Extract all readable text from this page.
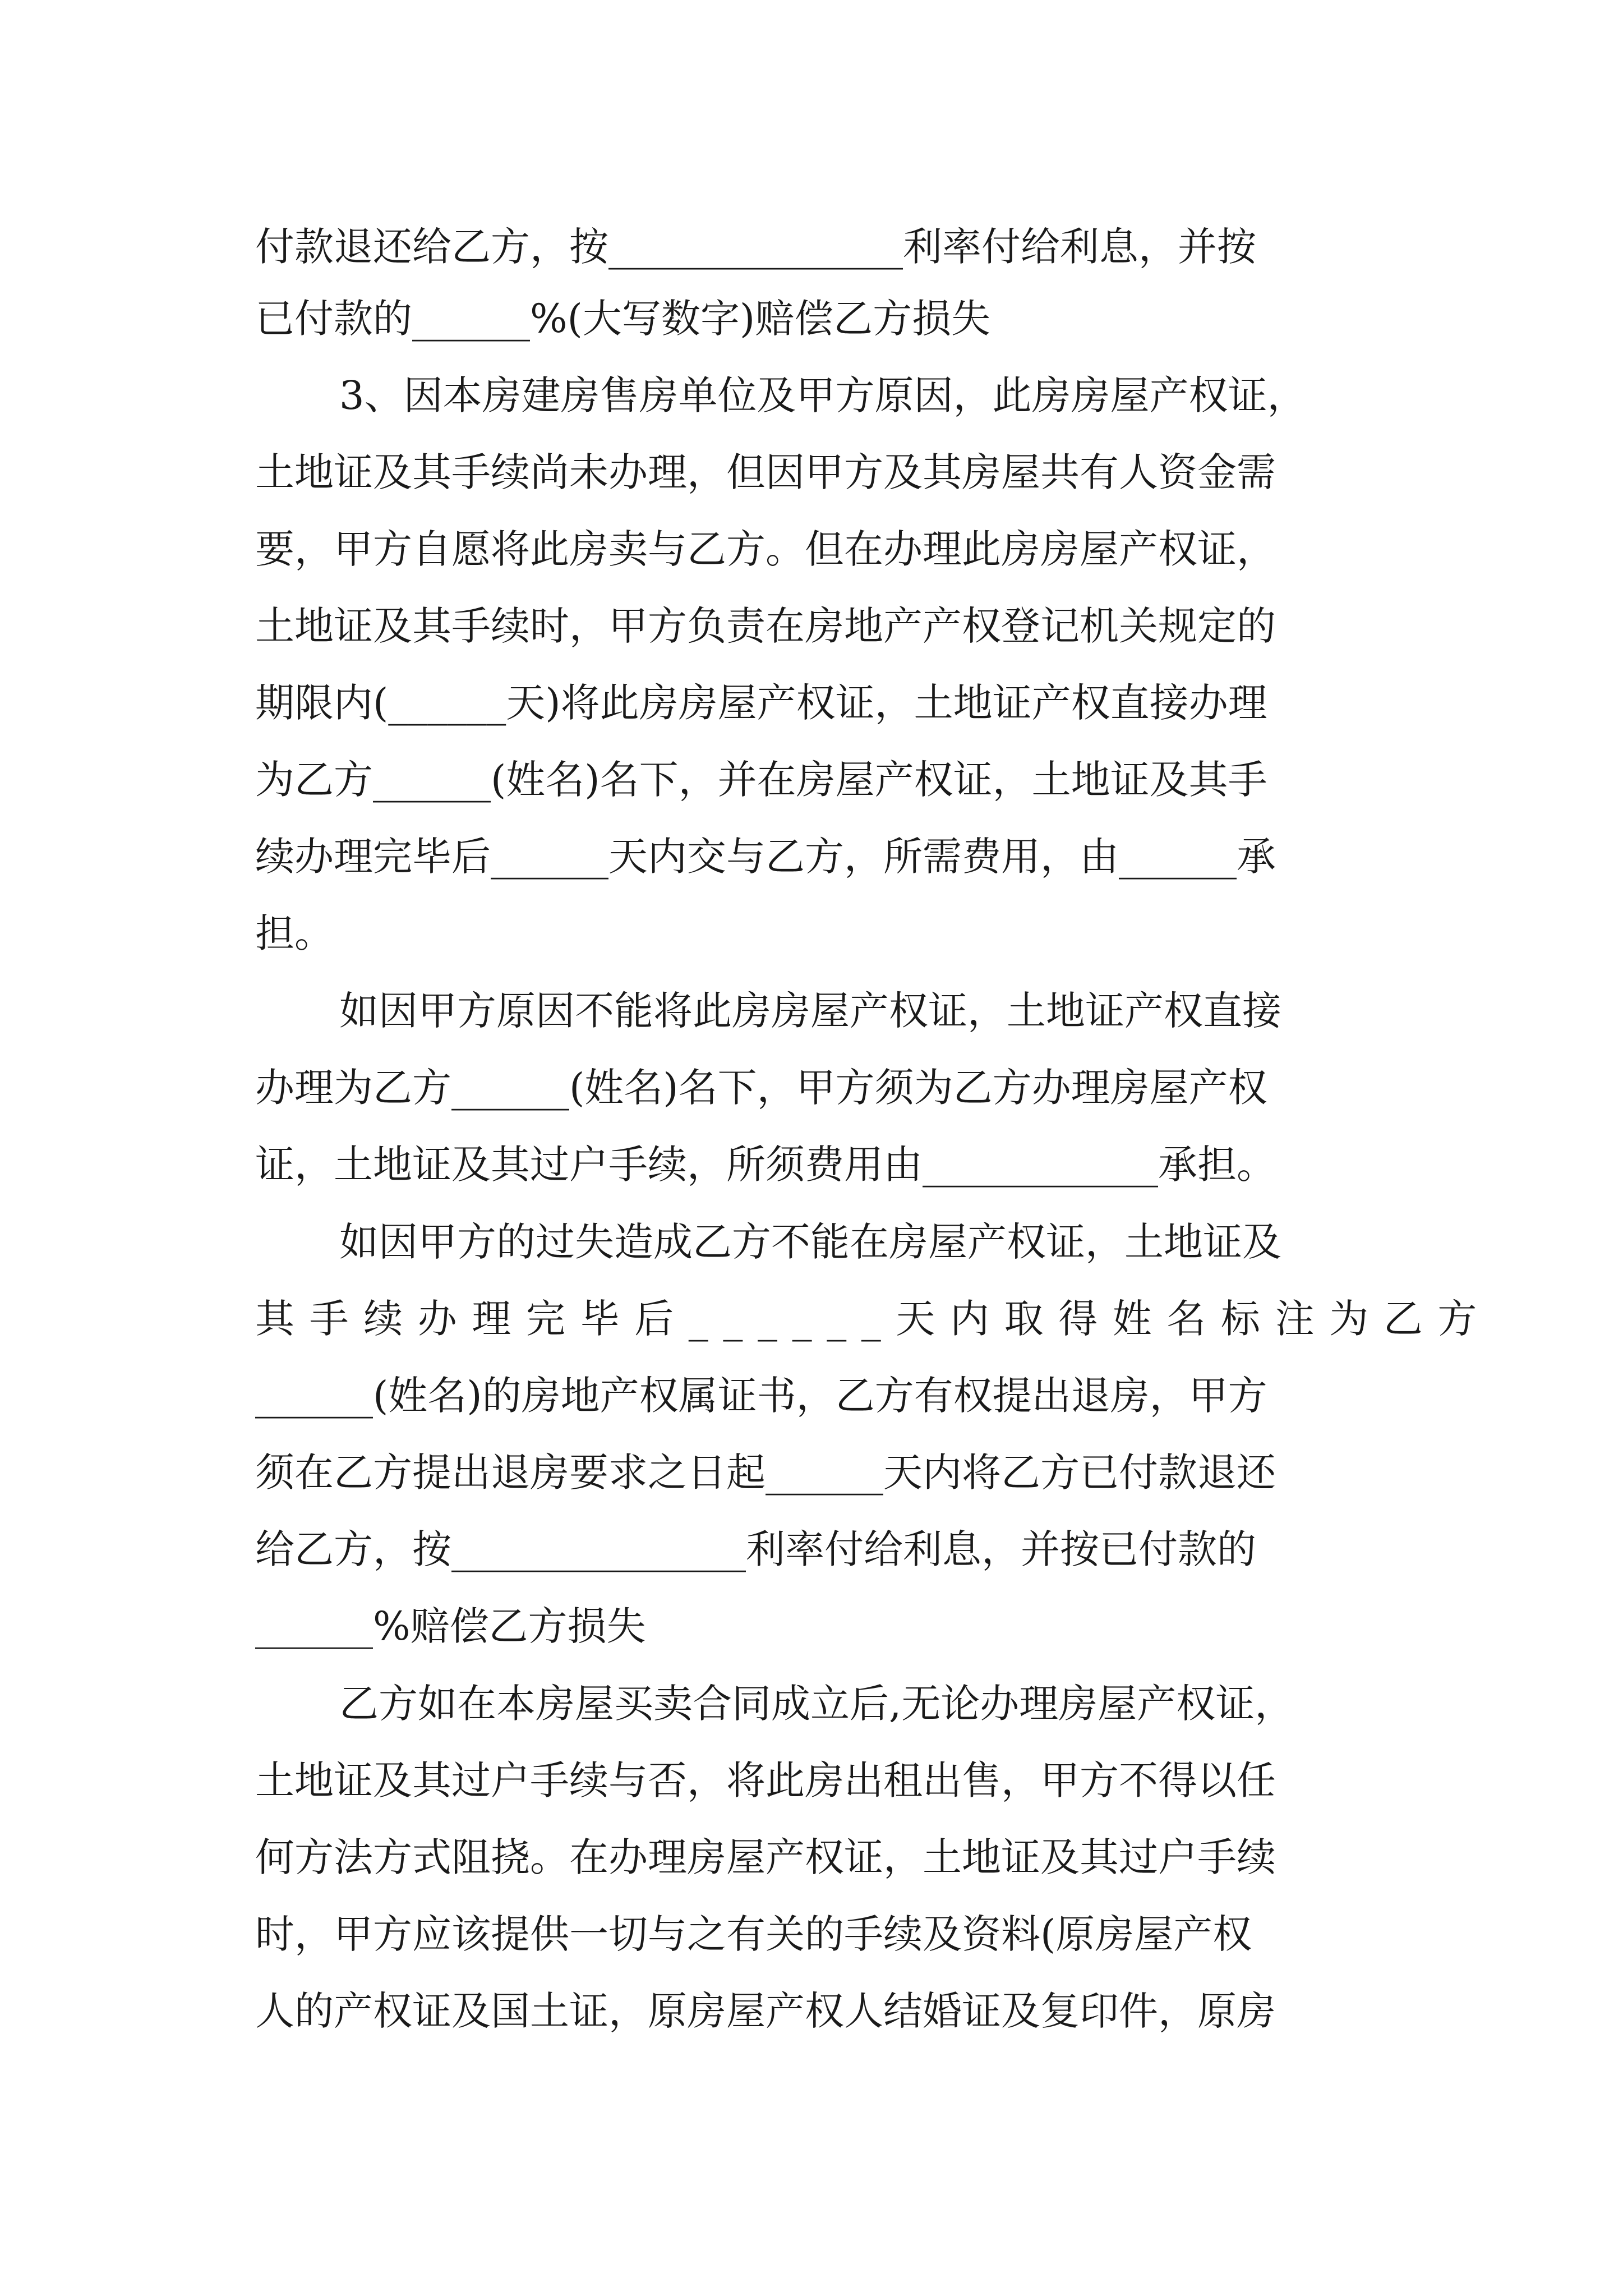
付款退还给乙方，按_______________利率付给利息，并按
已付款的______%(大写数字)赔偿乙方损失
3、因本房建房售房单位及甲方原因，此房房屋产权证，
土地证及其手续尚未办理，但因甲方及其房屋共有人资金需
要，甲方自愿将此房卖与乙方。但在办理此房房屋产权证，
土地证及其手续时，甲方负责在房地产产权登记机关规定的
期限内(______天)将此房房屋产权证，土地证产权直接办理
为乙方______(姓名)名下，并在房屋产权证，土地证及其手
续办理完毕后______天内交与乙方，所需费用，由______承
担。
如因甲方原因不能将此房房屋产权证，土地证产权直接
办理为乙方______(姓名)名下，甲方须为乙方办理房屋产权
证，土地证及其过户手续，所须费用由____________承担。
如因甲方的过失造成乙方不能在房屋产权证，土地证及
其手续办理完毕后______天内取得姓名标注为乙方
______(姓名)的房地产权属证书，乙方有权提出退房，甲方
须在乙方提出退房要求之日起______天内将乙方已付款退还
给乙方，按_______________利率付给利息，并按已付款的
______%赔偿乙方损失
乙方如在本房屋买卖合同成立后,无论办理房屋产权证，
土地证及其过户手续与否，将此房出租出售，甲方不得以任
何方法方式阻挠。在办理房屋产权证，土地证及其过户手续
时，甲方应该提供一切与之有关的手续及资料(原房屋产权
人的产权证及国土证，原房屋产权人结婚证及复印件，原房
